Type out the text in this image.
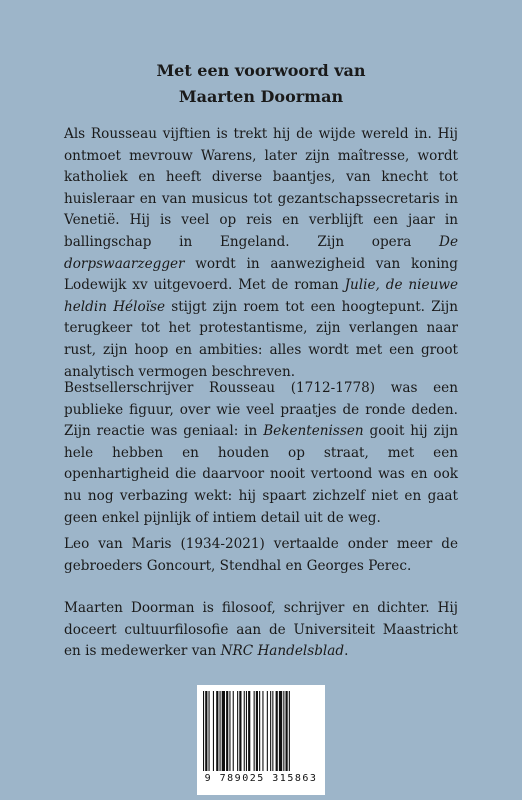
Met een voorwoord van
Maarten Doorman

Als Rousseau vijftien is trekt hij de wijde wereld in. Hij ontmoet mevrouw Warens, later zijn maîtresse, wordt katholiek en heeft diverse baantjes, van knecht tot huisleraar en van musicus tot gezantschapssecretaris in Venetië. Hij is veel op reis en verblijft een jaar in ballingschap in Engeland. Zijn opera De dorpswaarzegger wordt in aanwezigheid van koning Lodewijk xv uitgevoerd. Met de roman Julie, de nieuwe heldin Héloïse stijgt zijn roem tot een hoogtepunt. Zijn terugkeer tot het protestantisme, zijn verlangen naar rust, zijn hoop en ambities: alles wordt met een groot analytisch vermogen beschreven.

Bestsellerschrijver Rousseau (1712-1778) was een publieke figuur, over wie veel praatjes de ronde deden. Zijn reactie was geniaal: in Bekentenissen gooit hij zijn hele hebben en houden op straat, met een openhartigheid die daarvoor nooit vertoond was en ook nu nog verbazing wekt: hij spaart zichzelf niet en gaat geen enkel pijnlijk of intiem detail uit de weg.

Leo van Maris (1934-2021) vertaalde onder meer de gebroeders Goncourt, Stendhal en Georges Perec.

Maarten Doorman is filosoof, schrijver en dichter. Hij doceert cultuurfilosofie aan de Universiteit Maastricht en is medewerker van NRC Handelsblad.

9 789025 315863
